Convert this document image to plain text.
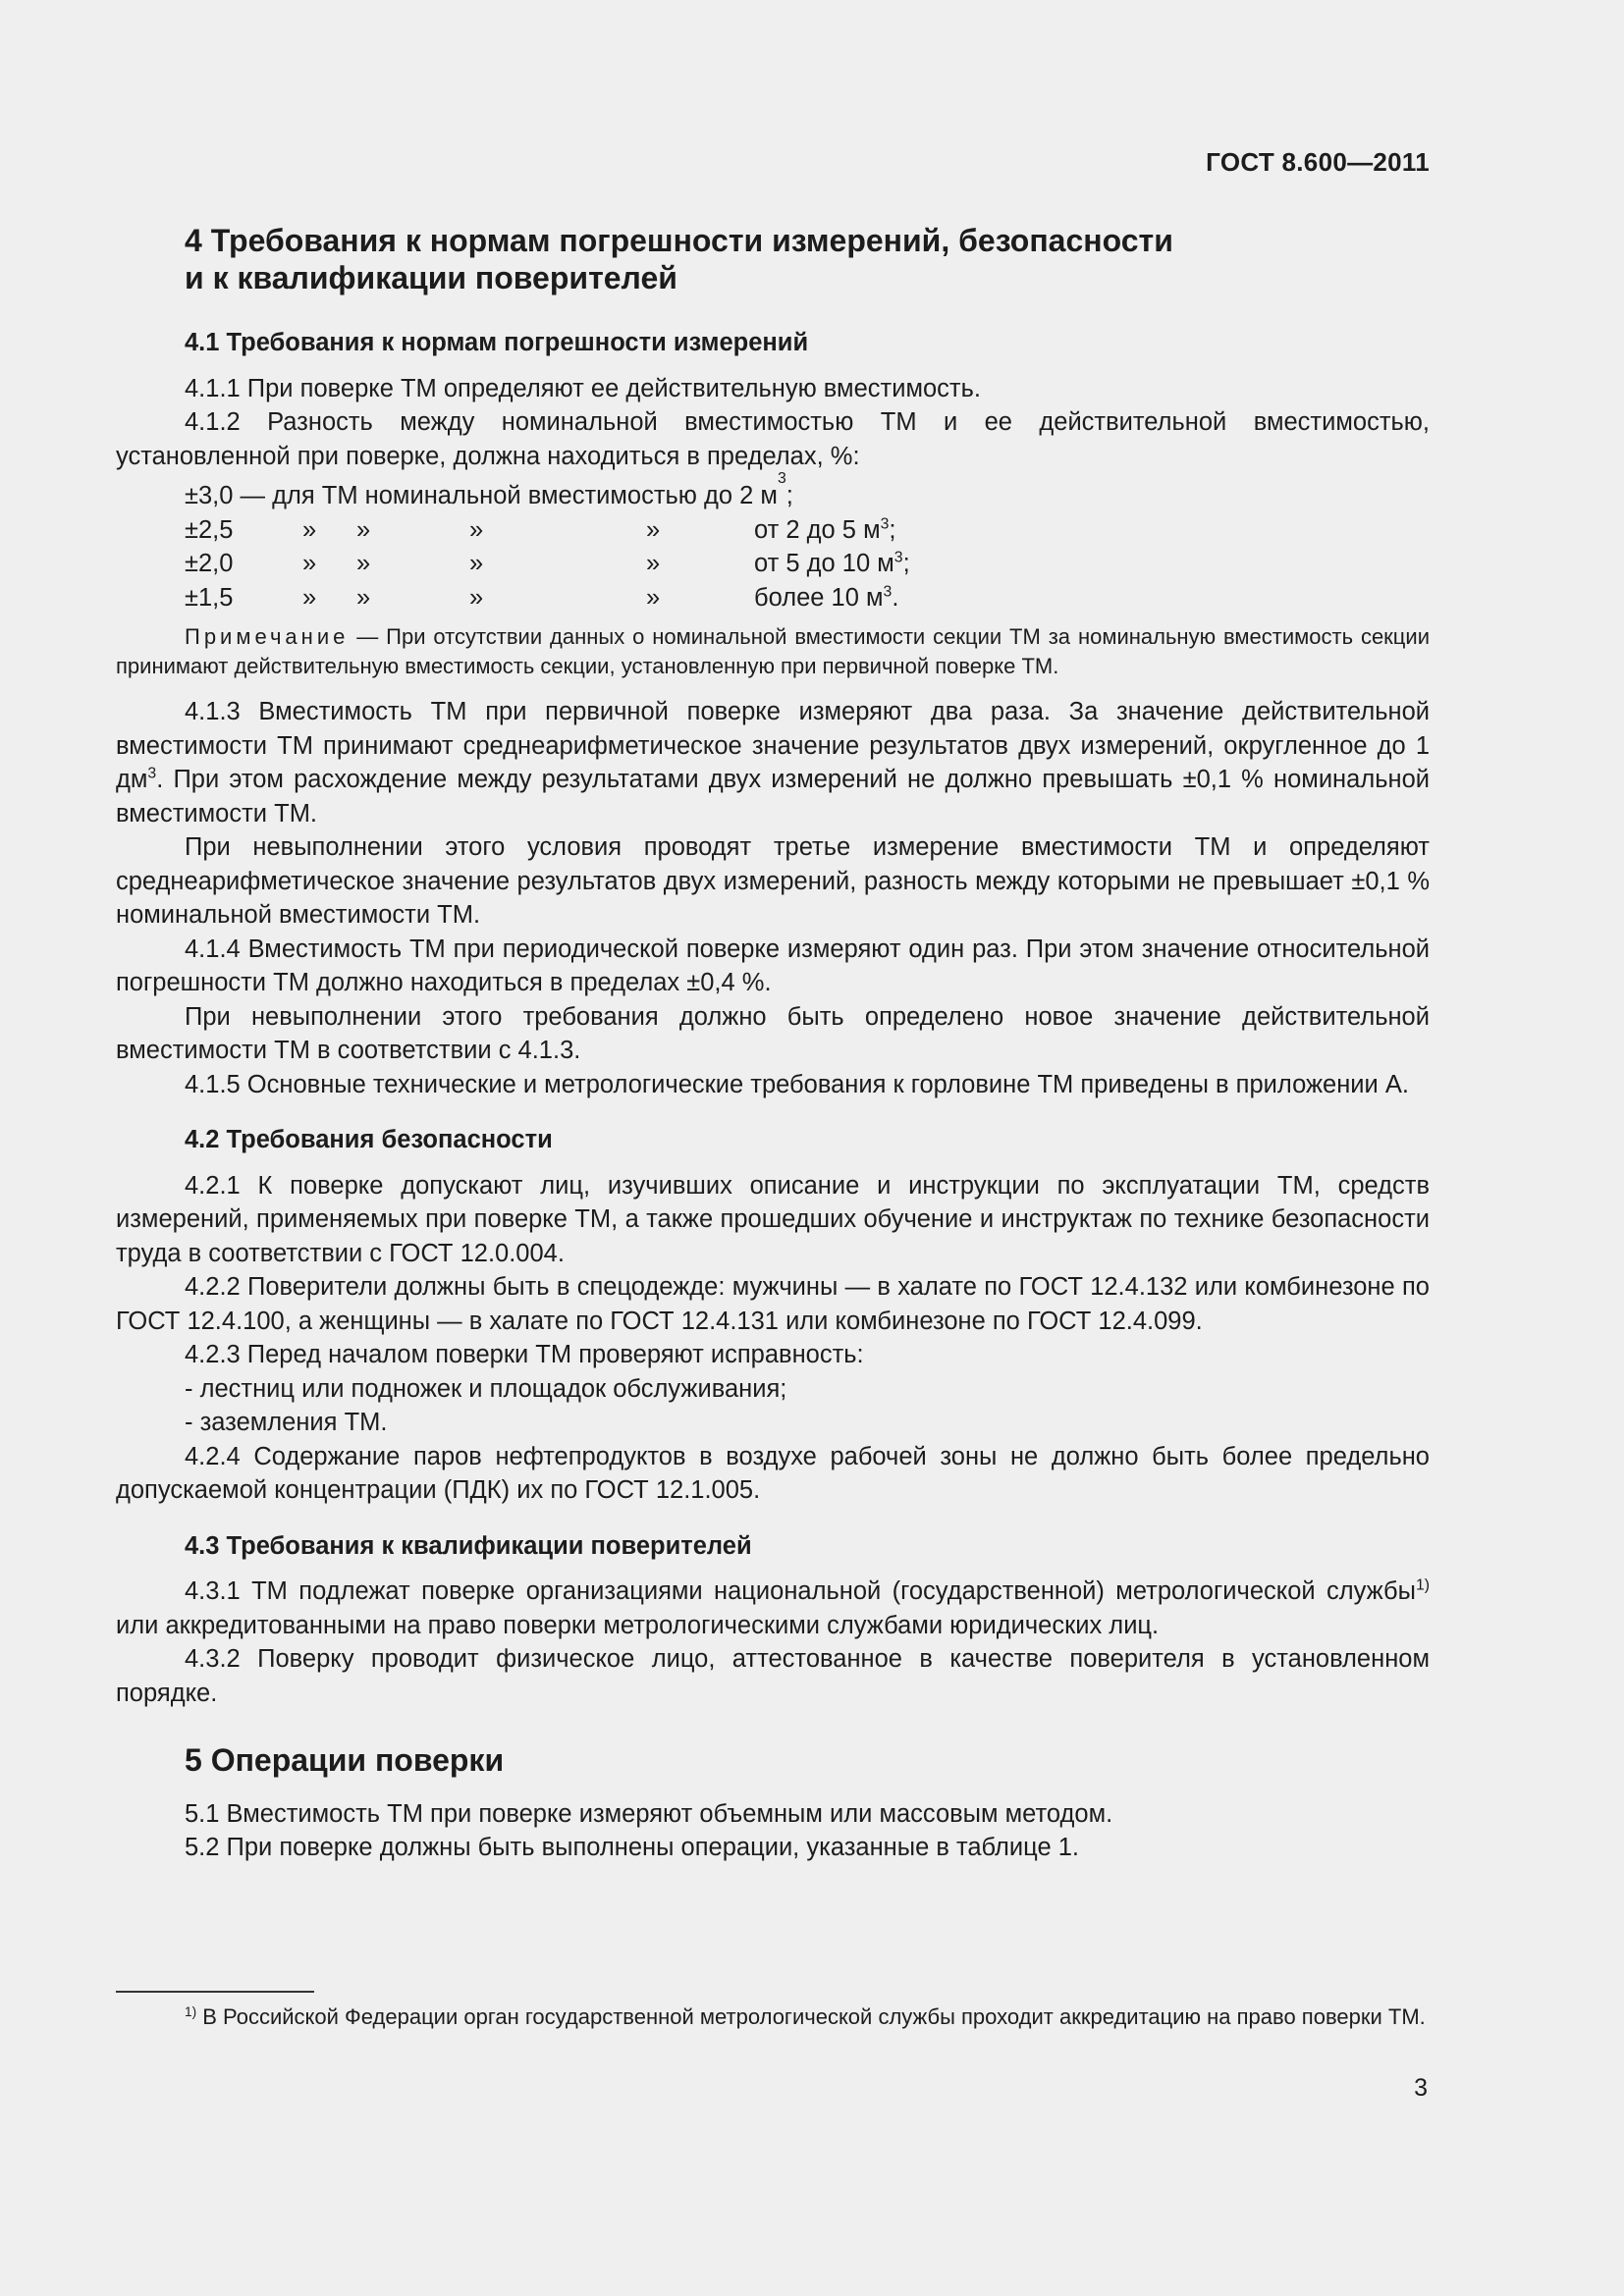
ГОСТ 8.600—2011
4 Требования к нормам погрешности измерений, безопасности
и к квалификации поверителей
4.1 Требования к нормам погрешности измерений

4.1.1 При поверке ТМ определяют ее действительную вместимость.

4.1.2 Разность между номинальной вместимостью ТМ и ее действительной вместимостью, установленной при поверке, должна находиться в пределах, %:

±3,0 — для ТМ номинальной вместимостью до 2 м
3
;
±2,5	»	»	»	»	от 2 до 5 $м^3$;
±2,0	»	»	»	»	от 5 до 10 $м^3$;
±1,5	»	»	»	»	более 10 $м^3$.

Примечание — При отсутствии данных о номинальной вместимости секции ТМ за номинальную вместимость секции принимают действительную вместимость секции, установленную при первичной поверке ТМ.

4.1.3 Вместимость ТМ при первичной поверке измеряют два раза. За значение действительной вместимости ТМ принимают среднеарифметическое значение результатов двух измерений, округленное до 1 $дм^3$. При этом расхождение между результатами двух измерений не должно превышать ±0,1 % номинальной вместимости ТМ.

При невыполнении этого условия проводят третье измерение вместимости ТМ и определяют среднеарифметическое значение результатов двух измерений, разность между которыми не превышает ±0,1 % номинальной вместимости ТМ.

4.1.4 Вместимость ТМ при периодической поверке измеряют один раз. При этом значение относительной погрешности ТМ должно находиться в пределах ±0,4 %.

При невыполнении этого требования должно быть определено новое значение действительной вместимости ТМ в соответствии с 4.1.3.

4.1.5 Основные технические и метрологические требования к горловине ТМ приведены в приложении А.

4.2 Требования безопасности

4.2.1 К поверке допускают лиц, изучивших описание и инструкции по эксплуатации ТМ, средств измерений, применяемых при поверке ТМ, а также прошедших обучение и инструктаж по технике безопасности труда в соответствии с ГОСТ 12.0.004.

4.2.2 Поверители должны быть в спецодежде: мужчины — в халате по ГОСТ 12.4.132 или комбинезоне по ГОСТ 12.4.100, а женщины — в халате по ГОСТ 12.4.131 или комбинезоне по ГОСТ 12.4.099.

4.2.3 Перед началом поверки ТМ проверяют исправность:

- лестниц или подножек и площадок обслуживания;

- заземления ТМ.

4.2.4 Содержание паров нефтепродуктов в воздухе рабочей зоны не должно быть более предельно допускаемой концентрации (ПДК) их по ГОСТ 12.1.005.

4.3 Требования к квалификации поверителей

4.3.1 ТМ подлежат поверке организациями национальной (государственной) метрологической службы$^{1)}$ или аккредитованными на право поверки метрологическими службами юридических лиц.

4.3.2 Поверку проводит физическое лицо, аттестованное в качестве поверителя в установленном порядке.

5 Операции поверки

5.1 Вместимость ТМ при поверке измеряют объемным или массовым методом.

5.2 При поверке должны быть выполнены операции, указанные в таблице 1.

$^{1)}$ В Российской Федерации орган государственной метрологической службы проходит аккредитацию на право поверки ТМ.
3
